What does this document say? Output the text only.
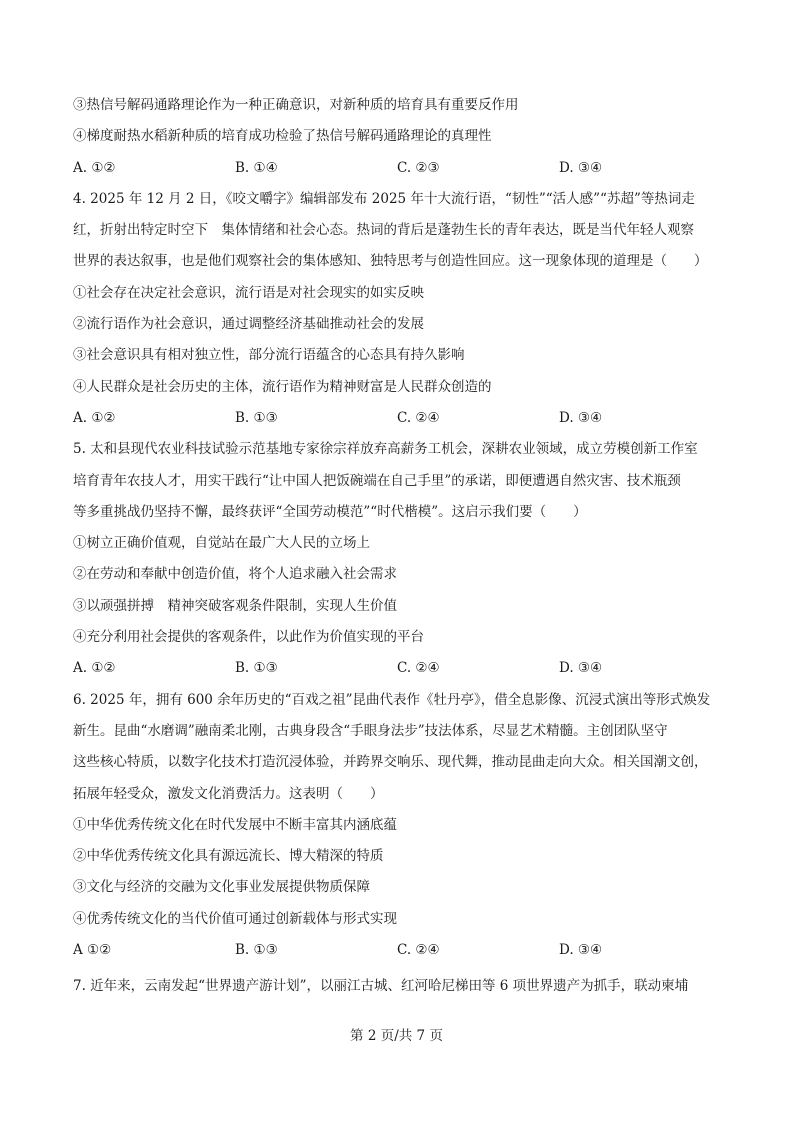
③热信号解码通路理论作为一种正确意识，对新种质的培育具有重要反作用
④梯度耐热水稻新种质的培育成功检验了热信号解码通路理论的真理性
A. ①②	B. ①④	C. ②③	D. ③④
4. 2025 年 12 月 2 日，《咬文嚼字》编辑部发布 2025 年十大流行语，“韧性”“活人感”“苏超”等热词走
红，折射出特定时空下　集体情绪和社会心态。热词的背后是蓬勃生长的青年表达，既是当代年轻人观察
世界的表达叙事，也是他们观察社会的集体感知、独特思考与创造性回应。这一现象体现的道理是（　　）
①社会存在决定社会意识，流行语是对社会现实的如实反映
②流行语作为社会意识，通过调整经济基础推动社会的发展
③社会意识具有相对独立性，部分流行语蕴含的心态具有持久影响
④人民群众是社会历史的主体，流行语作为精神财富是人民群众创造的
A. ①②	B. ①③	C. ②④	D. ③④
5. 太和县现代农业科技试验示范基地专家徐宗祥放弃高薪务工机会，深耕农业领域，成立劳模创新工作室
培育青年农技人才，用实干践行“让中国人把饭碗端在自己手里”的承诺，即便遭遇自然灾害、技术瓶颈
等多重挑战仍坚持不懈，最终获评“全国劳动模范”“时代楷模”。这启示我们要（　　）
①树立正确价值观，自觉站在最广大人民的立场上
②在劳动和奉献中创造价值，将个人追求融入社会需求
③以顽强拼搏　精神突破客观条件限制，实现人生价值
④充分利用社会提供的客观条件，以此作为价值实现的平台
A. ①②	B. ①③	C. ②④	D. ③④
6. 2025 年，拥有 600 余年历史的“百戏之祖”昆曲代表作《牡丹亭》，借全息影像、沉浸式演出等形式焕发
新生。昆曲“水磨调”融南柔北刚，古典身段含“手眼身法步”技法体系，尽显艺术精髓。主创团队坚守
这些核心特质，以数字化技术打造沉浸体验，并跨界交响乐、现代舞，推动昆曲走向大众。相关国潮文创，
拓展年轻受众，激发文化消费活力。这表明（　　）
①中华优秀传统文化在时代发展中不断丰富其内涵底蕴
②中华优秀传统文化具有源远流长、博大精深的特质
③文化与经济的交融为文化事业发展提供物质保障
④优秀传统文化的当代价值可通过创新载体与形式实现
A ①②	B. ①③	C. ②④	D. ③④
7. 近年来，云南发起“世界遗产游计划”，以丽江古城、红河哈尼梯田等 6 项世界遗产为抓手，联动柬埔
第 2 页/共 7 页
